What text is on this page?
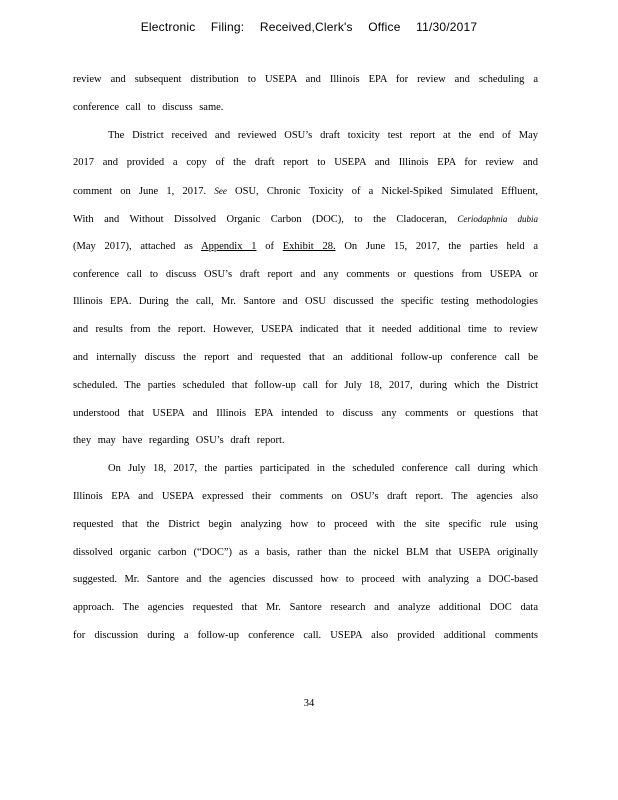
Electronic Filing: Received,Clerk's Office 11/30/2017
review and subsequent distribution to USEPA and Illinois EPA for review and scheduling a
conference call to discuss same.
The District received and reviewed OSU’s draft toxicity test report at the end of May
2017 and provided a copy of the draft report to USEPA and Illinois EPA for review and
comment on June 1, 2017. See OSU, Chronic Toxicity of a Nickel-Spiked Simulated Effluent,
With and Without Dissolved Organic Carbon (DOC), to the Cladoceran, Ceriodaphnia dubia
(May 2017), attached as Appendix 1 of Exhibit 28. On June 15, 2017, the parties held a
conference call to discuss OSU’s draft report and any comments or questions from USEPA or
Illinois EPA. During the call, Mr. Santore and OSU discussed the specific testing methodologies
and results from the report. However, USEPA indicated that it needed additional time to review
and internally discuss the report and requested that an additional follow-up conference call be
scheduled. The parties scheduled that follow-up call for July 18, 2017, during which the District
understood that USEPA and Illinois EPA intended to discuss any comments or questions that
they may have regarding OSU’s draft report.
On July 18, 2017, the parties participated in the scheduled conference call during which
Illinois EPA and USEPA expressed their comments on OSU’s draft report. The agencies also
requested that the District begin analyzing how to proceed with the site specific rule using
dissolved organic carbon (“DOC”) as a basis, rather than the nickel BLM that USEPA originally
suggested. Mr. Santore and the agencies discussed how to proceed with analyzing a DOC-based
approach. The agencies requested that Mr. Santore research and analyze additional DOC data
for discussion during a follow-up conference call. USEPA also provided additional comments
34
